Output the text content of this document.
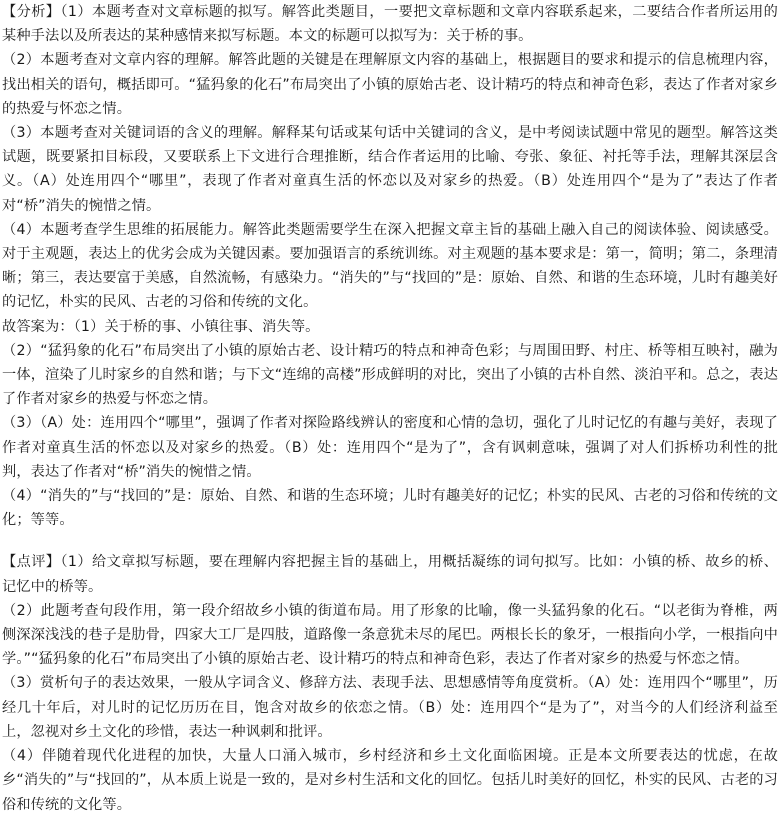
【分析】（1）本题考查对文章标题的拟写。解答此类题目，一要把文章标题和文章内容联系起来，二要结合作者所运用的某种手法以及所表达的某种感情来拟写标题。本文的标题可以拟写为：关于桥的事。

（2）本题考查对文章内容的理解。解答此题的关键是在理解原文内容的基础上，根据题目的要求和提示的信息梳理内容，找出相关的语句，概括即可。“猛犸象的化石”布局突出了小镇的原始古老、设计精巧的特点和神奇色彩，表达了作者对家乡的热爱与怀恋之情。

（3）本题考查对关键词语的含义的理解。解释某句话或某句话中关键词的含义，是中考阅读试题中常见的题型。解答这类试题，既要紧扣目标段，又要联系上下文进行合理推断，结合作者运用的比喻、夸张、象征、衬托等手法，理解其深层含义。（A）处连用四个“哪里”，表现了作者对童真生活的怀恋以及对家乡的热爱。（B）处连用四个“是为了”表达了作者对“桥”消失的惋惜之情。

（4）本题考查学生思维的拓展能力。解答此类题需要学生在深入把握文章主旨的基础上融入自己的阅读体验、阅读感受。对于主观题，表达上的优劣会成为关键因素。要加强语言的系统训练。对主观题的基本要求是：第一，简明；第二，条理清晰；第三，表达要富于美感，自然流畅，有感染力。“消失的”与“找回的”是：原始、自然、和谐的生态环境，儿时有趣美好的记忆，朴实的民风、古老的习俗和传统的文化。

故答案为：（1）关于桥的事、小镇往事、消失等。

（2）“猛犸象的化石”布局突出了小镇的原始古老、设计精巧的特点和神奇色彩；与周围田野、村庄、桥等相互映衬，融为一体，渲染了儿时家乡的自然和谐；与下文“连绵的高楼”形成鲜明的对比，突出了小镇的古朴自然、淡泊平和。总之，表达了作者对家乡的热爱与怀恋之情。

（3）（A）处：连用四个“哪里”，强调了作者对探险路线辨认的密度和心情的急切，强化了儿时记忆的有趣与美好，表现了作者对童真生活的怀恋以及对家乡的热爱。（B）处：连用四个“是为了”，含有讽刺意味，强调了对人们拆桥功利性的批判，表达了作者对“桥”消失的惋惜之情。

（4）“消失的”与“找回的”是：原始、自然、和谐的生态环境；儿时有趣美好的记忆；朴实的民风、古老的习俗和传统的文化；等等。

【点评】（1）给文章拟写标题，要在理解内容把握主旨的基础上，用概括凝练的词句拟写。比如：小镇的桥、故乡的桥、记忆中的桥等。

（2）此题考查句段作用，第一段介绍故乡小镇的街道布局。用了形象的比喻，像一头猛犸象的化石。“以老街为脊椎，两侧深深浅浅的巷子是肋骨，四家大工厂是四肢，道路像一条意犹未尽的尾巴。两根长长的象牙，一根指向小学，一根指向中学。”“猛犸象的化石”布局突出了小镇的原始古老、设计精巧的特点和神奇色彩，表达了作者对家乡的热爱与怀恋之情。

（3）赏析句子的表达效果，一般从字词含义、修辞方法、表现手法、思想感情等角度赏析。（A）处：连用四个“哪里”，历经几十年后，对儿时的记忆历历在目，饱含对故乡的依恋之情。（B）处：连用四个“是为了”，对当今的人们经济利益至上，忽视对乡土文化的珍惜，表达一种讽刺和批评。

（4）伴随着现代化进程的加快，大量人口涌入城市，乡村经济和乡土文化面临困境。正是本文所要表达的忧虑，在故乡“消失的”与“找回的”，从本质上说是一致的，是对乡村生活和文化的回忆。包括儿时美好的回忆，朴实的民风、古老的习俗和传统的文化等。
